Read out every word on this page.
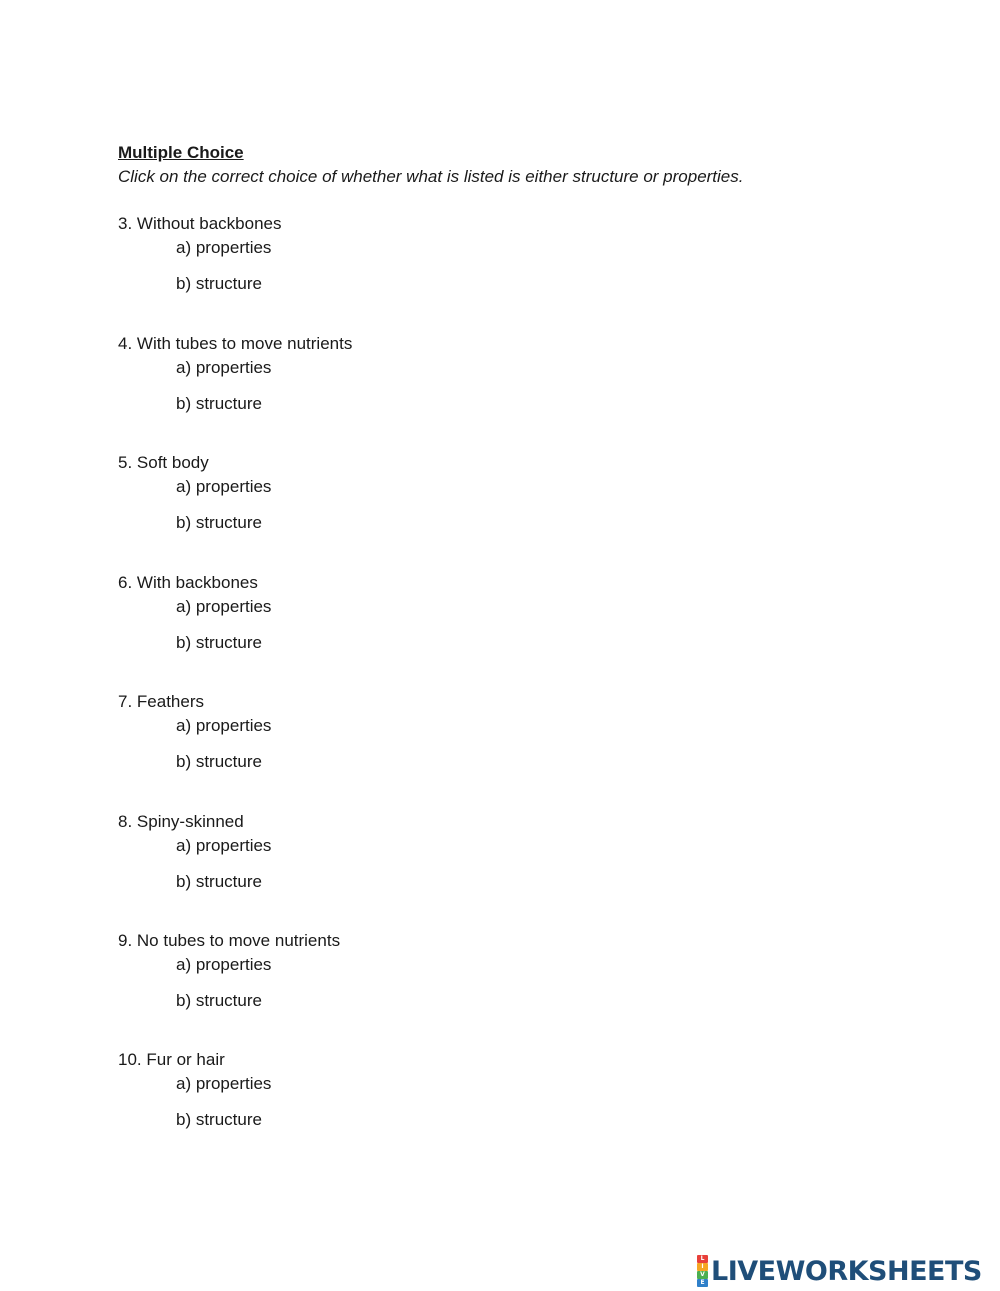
Multiple Choice
Click on the correct choice of whether what is listed is either structure or properties.
3. Without backbones
a) properties
b) structure
4. With tubes to move nutrients
a) properties
b) structure
5. Soft body
a) properties
b) structure
6. With backbones
a) properties
b) structure
7. Feathers
a) properties
b) structure
8. Spiny-skinned
a) properties
b) structure
9. No tubes to move nutrients
a) properties
b) structure
10. Fur or hair
a) properties
b) structure
L
I
V
E LIVEWORKSHEETS
